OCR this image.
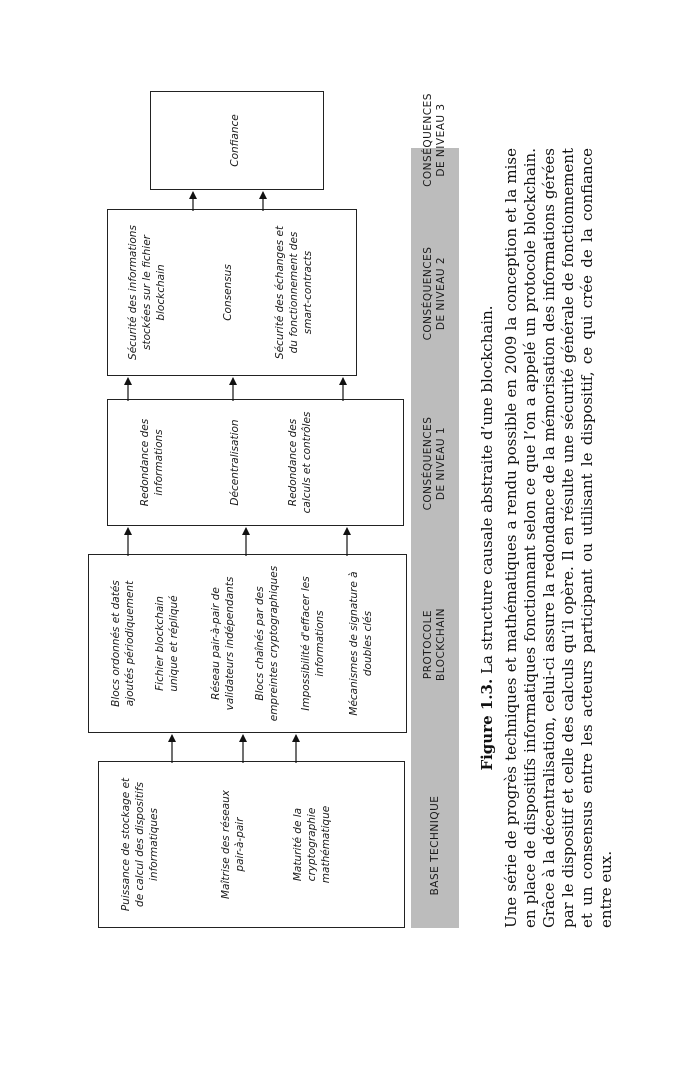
Puissance de stockage et
de calcul des dispositifs
informatiques	Maîtrise des réseaux
pair-à-pair	Maturité de la
cryptographie
mathématique
Blocs ordonnés et datés
ajoutés périodiquement
Fichier blockchain
unique et répliqué
Réseau pair-à-pair de
validateurs indépendants
Blocs chaînés par des
empreintes cryptographiques
Impossibilité d'effacer les
informations
Mécanismes de signature à
doubles clés
Redondance des
informations	Décentralisation	Redondance des
calculs et contrôles
Sécurité des informations
stockées sur le fichier
blockchain	Consensus
Sécurité des échanges et
du fonctionnement des
smart-contracts
Confiance
BASE TECHNIQUE
PROTOCOLE
BLOCKCHAIN
CONSÉQUENCES
DE NIVEAU 1
CONSÉQUENCES
DE NIVEAU 2
CONSÉQUENCES
DE NIVEAU 3
Figure 1.3. La structure causale abstraite d’une blockchain. Une série de progrès techniques et mathématiques a rendu possible en 2009 la conception et la mise en place de dispositifs informatiques fonctionnant selon ce que l’on a appelé un protocole blockchain. Grâce à la décentralisation, celui-ci assure la redondance de la mémorisation des informations gérées par le dispositif et celle des calculs qu’il opère. Il en résulte une sécurité générale de fonctionnement et un consensus entre les acteurs participant ou utilisant le dispositif, ce qui crée de la confiance entre eux.
